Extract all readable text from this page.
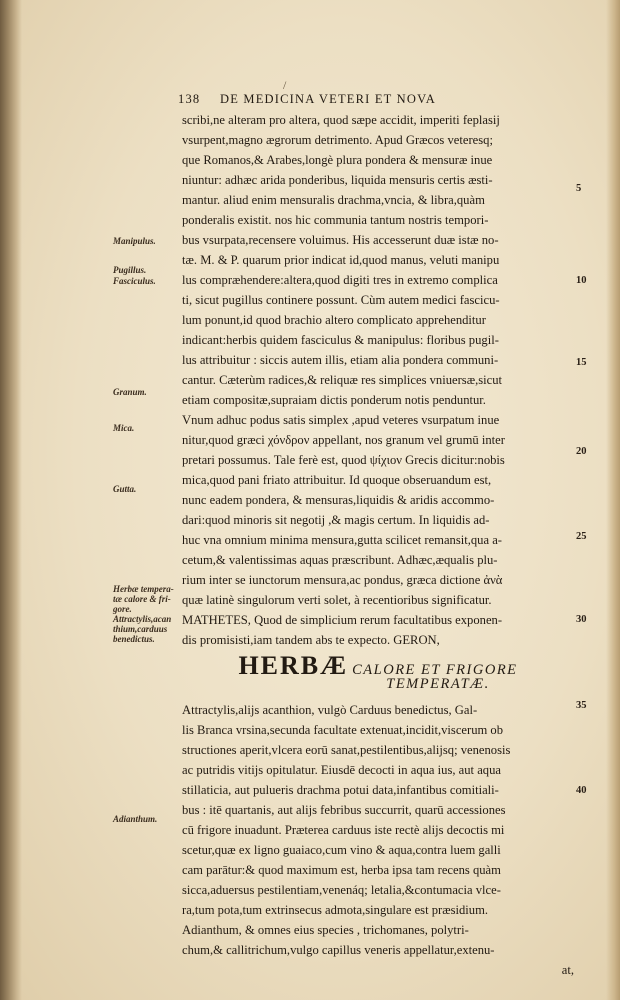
/
138 DE MEDICINA VETERI ET NOVA
scribi,ne alteram pro altera, quod sæpe accidit, imperiti feplasij
vsurpent,magno ægrorum detrimento. Apud Græcos veteresq;
que Romanos,& Arabes,longè plura pondera & mensuræ inue
niuntur: adhæc arida ponderibus, liquida mensuris certis æsti-
mantur. aliud enim mensuralis drachma,vncia, & libra,quàm
ponderalis existit. nos hic communia tantum nostris tempori-
bus vsurpata,recensere voluimus. His accesserunt duæ istæ no-
tæ. M. & P. quarum prior indicat id,quod manus, veluti manipu
lus compræhendere:altera,quod digiti tres in extremo complica
ti, sicut pugillus continere possunt. Cùm autem medici fascicu-
lum ponunt,id quod brachio altero complicato apprehenditur
indicant:herbis quidem fasciculus & manipulus: floribus pugil-
lus attribuitur : siccis autem illis, etiam alia pondera communi-
cantur. Cæterùm radices,& reliquæ res simplices vniuersæ,sicut
etiam compositæ,supraiam dictis ponderum notis penduntur.
Vnum adhuc podus satis simplex ,apud veteres vsurpatum inue
nitur,quod græci χόνδρον appellant, nos granum vel grumū inter
pretari possumus. Tale ferè est, quod ψίχιον Grecis dicitur:nobis
mica,quod pani friato attribuitur. Id quoque obseruandum est,
nunc eadem pondera, & mensuras,liquidis & aridis accommo-
dari:quod minoris sit negotij ,& magis certum. In liquidis ad-
huc vna omnium minima mensura,gutta scilicet remansit,qua a-
cetum,& valentissimas aquas præscribunt. Adhæc,æqualis plu-
rium inter se iunctorum mensura,ac pondus, græca dictione ἀνὰ
quæ latinè singulorum verti solet, à recentioribus significatur.
MATHETES, Quod de simplicium rerum facultatibus exponen-
dis promisisti,iam tandem abs te expecto. GERON,
HERBÆ CALORE ET FRIGORE
TEMPERATÆ.
Attractylis,alijs acanthion, vulgò Carduus benedictus, Gal-
lis Branca vrsina,secunda facultate extenuat,incidit,viscerum ob
structiones aperit,vlcera eorū sanat,pestilentibus,alijsq; venenosis
ac putridis vitijs opitulatur. Eiusdē decocti in aqua ius, aut aqua
stillaticia, aut pulueris drachma potui data,infantibus comitiali-
bus : itē quartanis, aut alijs febribus succurrit, quarū accessiones
cū frigore inuadunt. Præterea carduus iste rectè alijs decoctis mi
scetur,quæ ex ligno guaiaco,cum vino & aqua,contra luem galli
cam parātur:& quod maximum est, herba ipsa tam recens quàm
sicca,aduersus pestilentiam,venenáq; letalia,&contumacia vlce-
ra,tum pota,tum extrinsecus admota,singulare est præsidium.
Adianthum, & omnes eius species , trichomanes, polytri-
chum,& callitrichum,vulgo capillus veneris appellatur,extenu-
at,
5
10
15
20
25
30
35
40
Manipulus.
Pugillus.
Fasciculus.
Granum.
Mica.
Gutta.
Herbæ tempera-tæ calore & fri-gore.
Attractylis,acan thium,carduus benedictus.
Adianthum.
